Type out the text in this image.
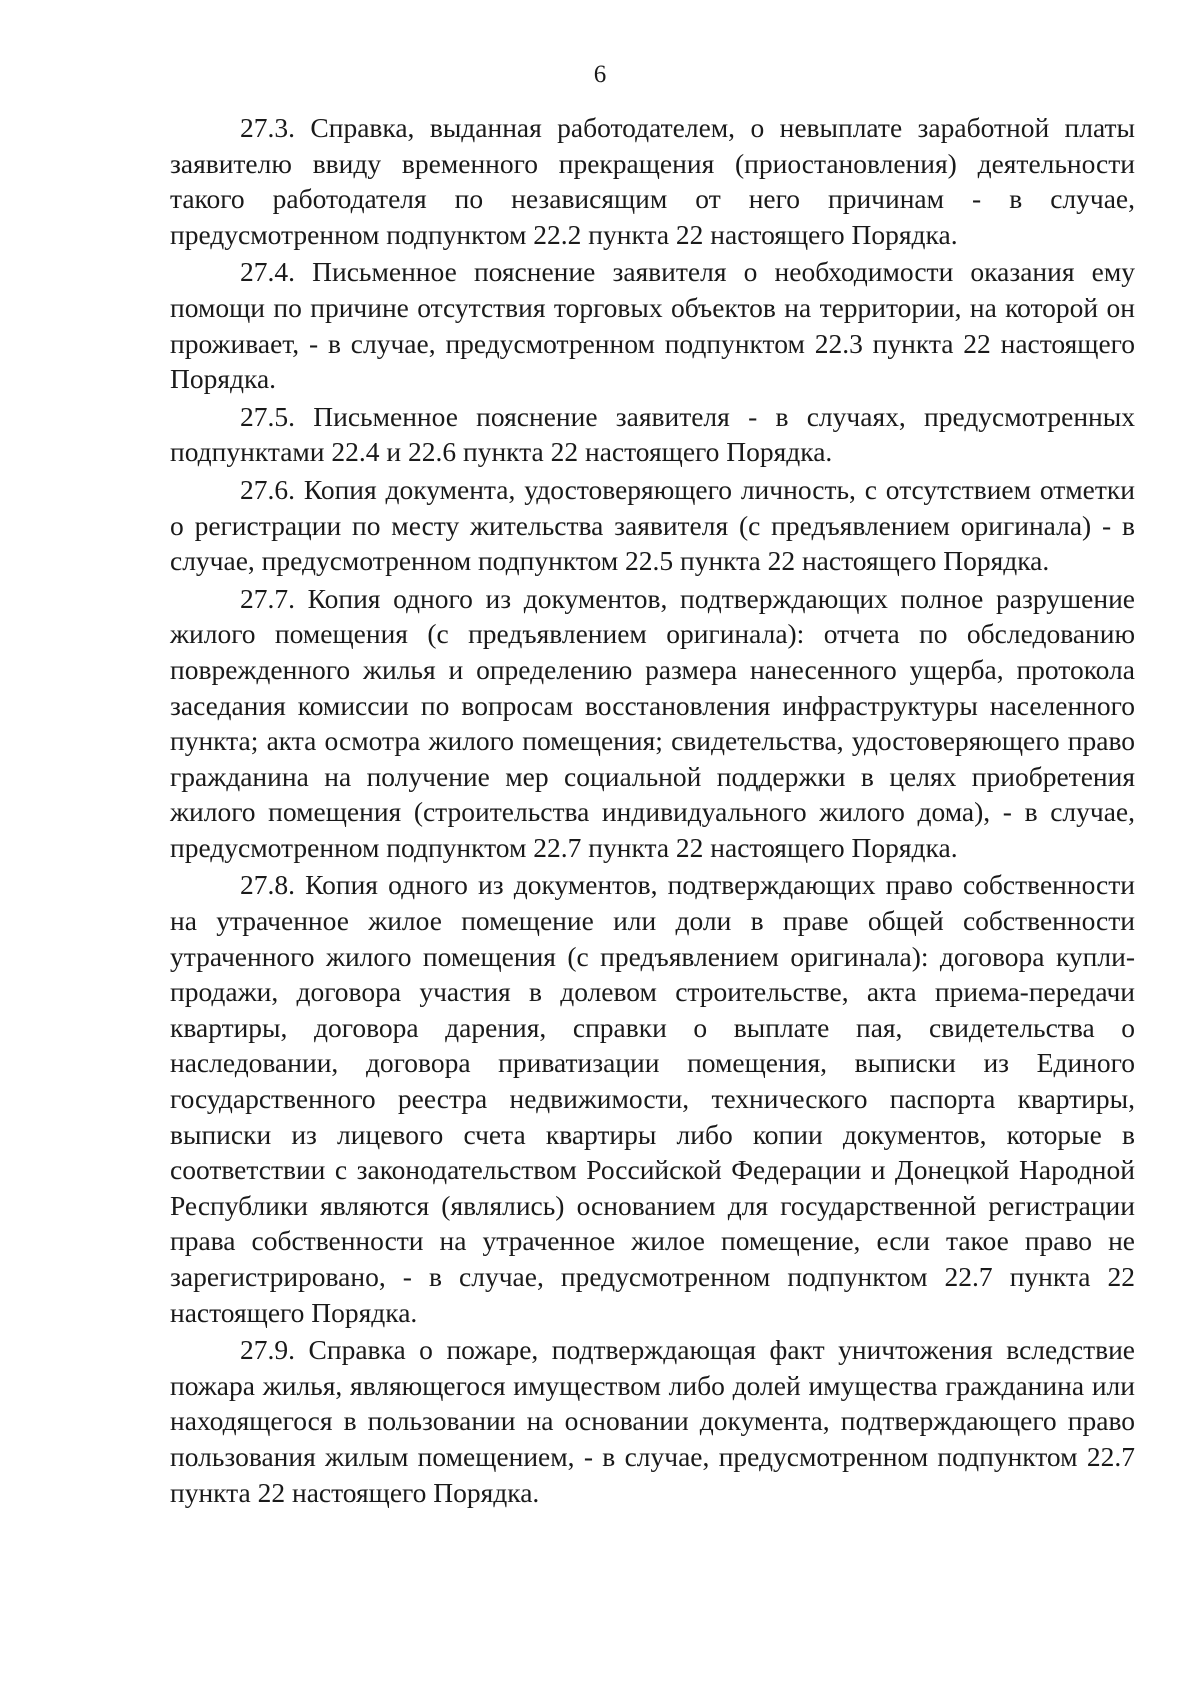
6

27.3. Справка, выданная работодателем, о невыплате заработной платы заявителю ввиду временного прекращения (приостановления) деятельности такого работодателя по независящим от него причинам - в случае, предусмотренном подпунктом 22.2 пункта 22 настоящего Порядка.

27.4. Письменное пояснение заявителя о необходимости оказания ему помощи по причине отсутствия торговых объектов на территории, на которой он проживает, - в случае, предусмотренном подпунктом 22.3 пункта 22 настоящего Порядка.

27.5. Письменное пояснение заявителя - в случаях, предусмотренных подпунктами 22.4 и 22.6 пункта 22 настоящего Порядка.

27.6. Копия документа, удостоверяющего личность, с отсутствием отметки о регистрации по месту жительства заявителя (с предъявлением оригинала) - в случае, предусмотренном подпунктом 22.5 пункта 22 настоящего Порядка.

27.7. Копия одного из документов, подтверждающих полное разрушение жилого помещения (с предъявлением оригинала): отчета по обследованию поврежденного жилья и определению размера нанесенного ущерба, протокола заседания комиссии по вопросам восстановления инфраструктуры населенного пункта; акта осмотра жилого помещения; свидетельства, удостоверяющего право гражданина на получение мер социальной поддержки в целях приобретения жилого помещения (строительства индивидуального жилого дома), - в случае, предусмотренном подпунктом 22.7 пункта 22 настоящего Порядка.

27.8. Копия одного из документов, подтверждающих право собственности на утраченное жилое помещение или доли в праве общей собственности утраченного жилого помещения (с предъявлением оригинала): договора купли-продажи, договора участия в долевом строительстве, акта приема-передачи квартиры, договора дарения, справки о выплате пая, свидетельства о наследовании, договора приватизации помещения, выписки из Единого государственного реестра недвижимости, технического паспорта квартиры, выписки из лицевого счета квартиры либо копии документов, которые в соответствии с законодательством Российской Федерации и Донецкой Народной Республики являются (являлись) основанием для государственной регистрации права собственности на утраченное жилое помещение, если такое право не зарегистрировано, - в случае, предусмотренном подпунктом 22.7 пункта 22 настоящего Порядка.

27.9. Справка о пожаре, подтверждающая факт уничтожения вследствие пожара жилья, являющегося имуществом либо долей имущества гражданина или находящегося в пользовании на основании документа, подтверждающего право пользования жилым помещением, - в случае, предусмотренном подпунктом 22.7 пункта 22 настоящего Порядка.
